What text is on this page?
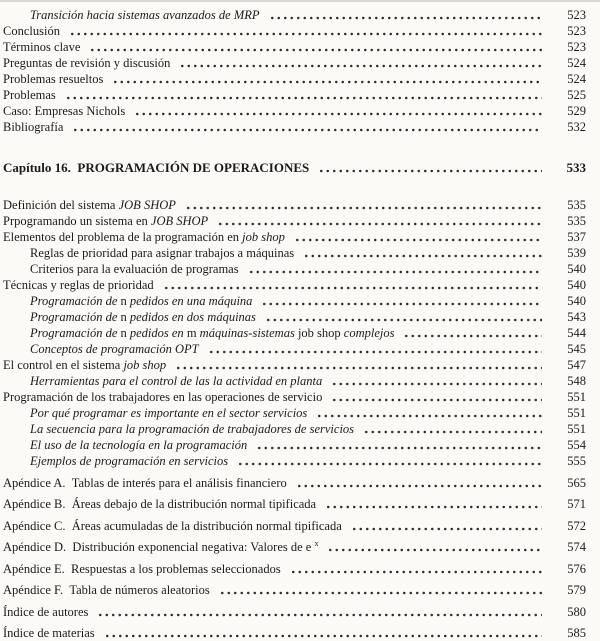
Transición hacia sistemas avanzados de MRP	523
Conclusión	523
Términos clave	523
Preguntas de revisión y discusión	524
Problemas resueltos	524
Problemas	525
Caso: Empresas Nichols	529
Bibliografía	532
Capítulo 16.  PROGRAMACIÓN DE OPERACIONES	533
Definición del sistema JOB SHOP	535
Prpogramando un sistema en JOB SHOP	535
Elementos del problema de la programación en job shop	537
Reglas de prioridad para asignar trabajos a máquinas	539
Criterios para la evaluación de programas	540
Técnicas y reglas de prioridad	540
Programación de n pedidos en una máquina	540
Programación de n pedidos en dos máquinas	543
Programación de n pedidos en m máquinas-sistemas job shop complejos	544
Conceptos de programación OPT	545
El control en el sistema job shop	547
Herramientas para el control de las la actividad en planta	548
Programación de los trabajadores en las operaciones de servicio	551
Por qué programar es importante en el sector servicios	551
La secuencia para la programación de trabajadores de servicios	551
El uso de la tecnología en la programación	554
Ejemplos de programación en servicios	555
Apéndice A.  Tablas de interés para el análisis financiero	565
Apéndice B.  Áreas debajo de la distribución normal tipificada	571
Apéndice C.  Áreas acumuladas de la distribución normal tipificada	572
Apéndice D.  Distribución exponencial negativa: Valores de e $^x$	574
Apéndice E.  Respuestas a los problemas seleccionados	576
Apéndice F.  Tabla de números aleatorios	579
Índice de autores	580
Índice de materias	585
